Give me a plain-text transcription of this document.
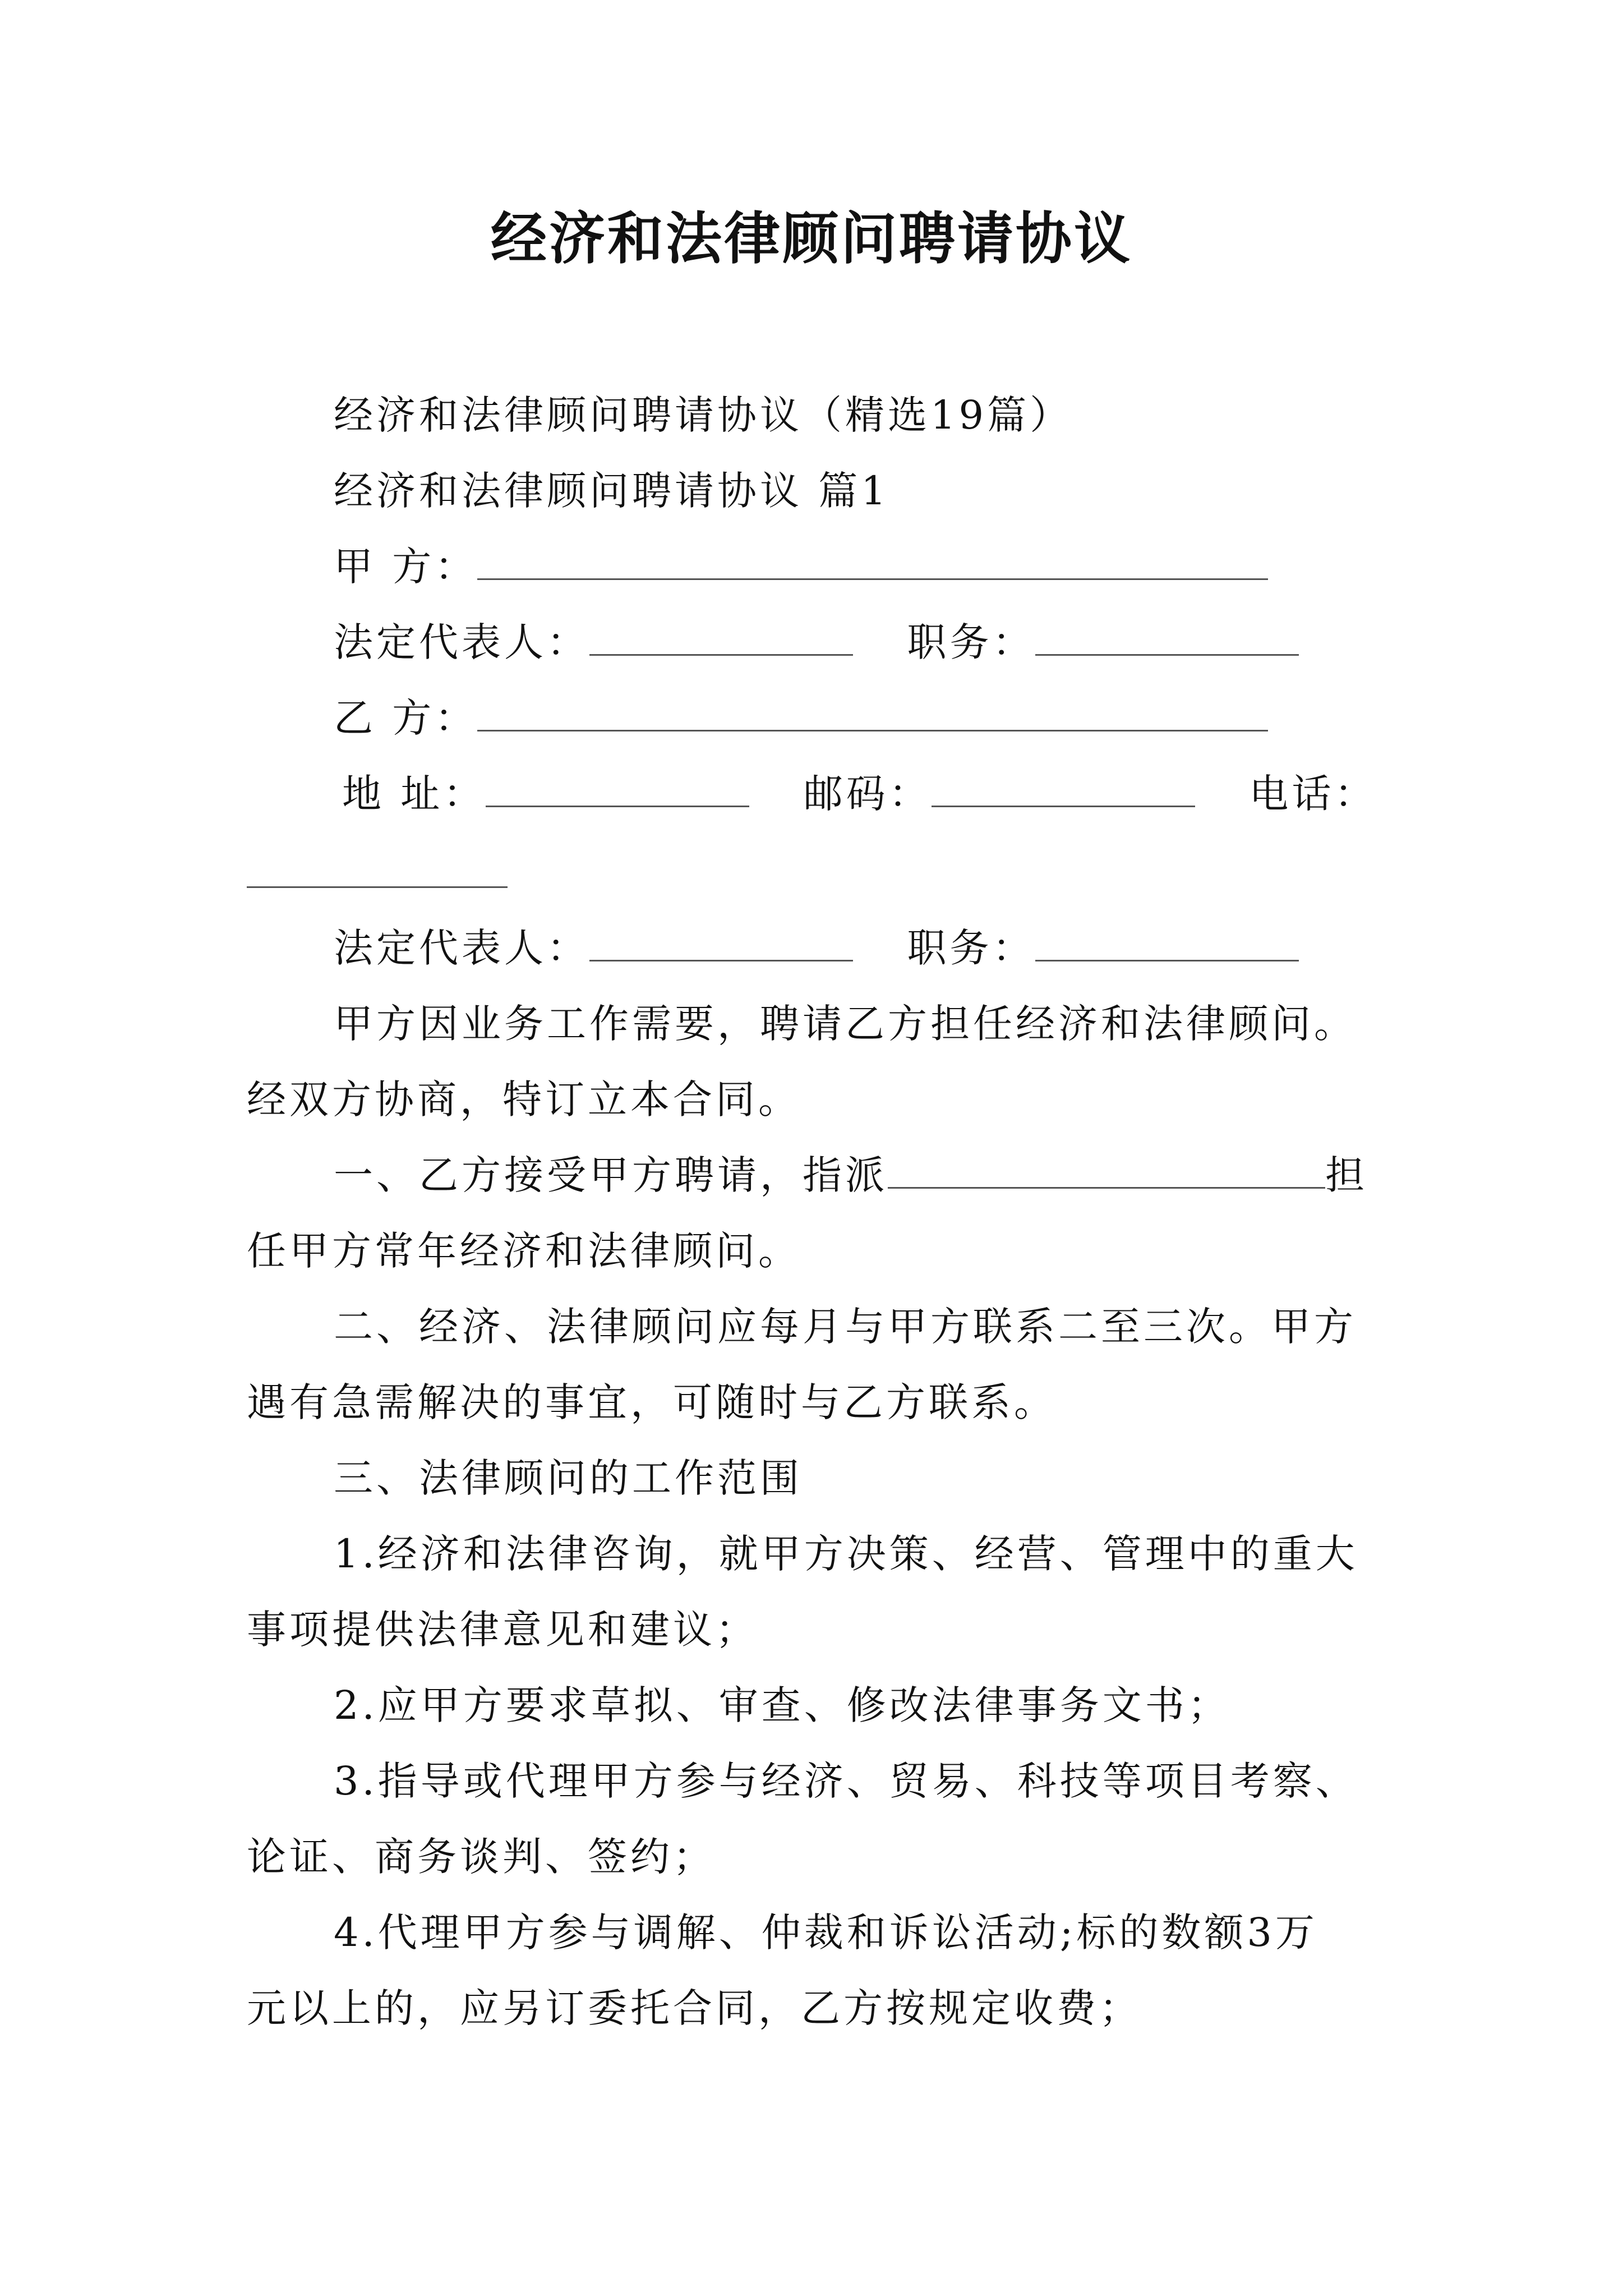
经济和法律顾问聘请协议
经济和法律顾问聘请协议（精选19篇）
经济和法律顾问聘请协议 篇1
甲 方：
法定代表人：	职务：
乙 方：
地 址：	邮码：	电话：
法定代表人：	职务：
甲方因业务工作需要，聘请乙方担任经济和法律顾问。
经双方协商，特订立本合同。
一、乙方接受甲方聘请，指派	担
任甲方常年经济和法律顾问。
二、经济、法律顾问应每月与甲方联系二至三次。甲方
遇有急需解决的事宜，可随时与乙方联系。
三、法律顾问的工作范围
1.经济和法律咨询，就甲方决策、经营、管理中的重大
事项提供法律意见和建议；
2.应甲方要求草拟、审查、修改法律事务文书；
3.指导或代理甲方参与经济、贸易、科技等项目考察、
论证、商务谈判、签约；
4.代理甲方参与调解、仲裁和诉讼活动;标的数额3万
元以上的，应另订委托合同，乙方按规定收费；
